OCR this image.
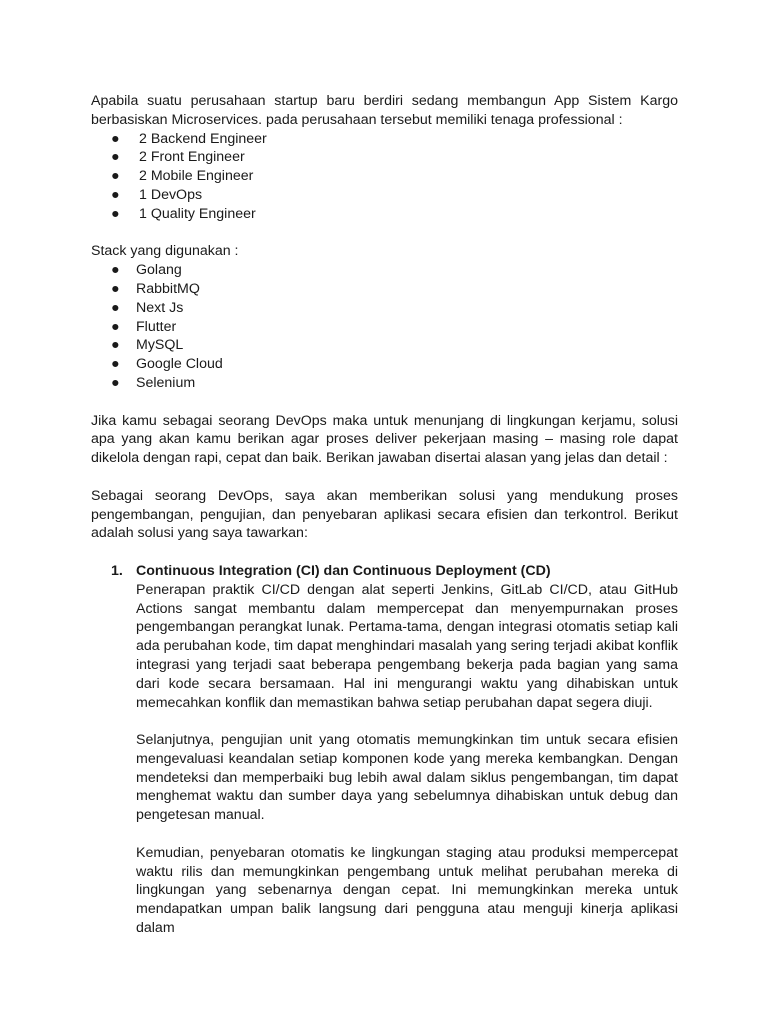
Apabila suatu perusahaan startup baru berdiri sedang membangun App Sistem Kargo berbasiskan Microservices. pada perusahaan tersebut memiliki tenaga professional :

● 2 Backend Engineer
● 2 Front Engineer
● 2 Mobile Engineer
● 1 DevOps
● 1 Quality Engineer

Stack yang digunakan :

● Golang
● RabbitMQ
● Next Js
● Flutter
● MySQL
● Google Cloud
● Selenium

Jika kamu sebagai seorang DevOps maka untuk menunjang di lingkungan kerjamu, solusi apa yang akan kamu berikan agar proses deliver pekerjaan masing – masing role dapat dikelola dengan rapi, cepat dan baik. Berikan jawaban disertai alasan yang jelas dan detail :

Sebagai seorang DevOps, saya akan memberikan solusi yang mendukung proses pengembangan, pengujian, dan penyebaran aplikasi secara efisien dan terkontrol. Berikut adalah solusi yang saya tawarkan:

1. Continuous Integration (CI) dan Continuous Deployment (CD)

Penerapan praktik CI/CD dengan alat seperti Jenkins, GitLab CI/CD, atau GitHub Actions sangat membantu dalam mempercepat dan menyempurnakan proses pengembangan perangkat lunak. Pertama-tama, dengan integrasi otomatis setiap kali ada perubahan kode, tim dapat menghindari masalah yang sering terjadi akibat konflik integrasi yang terjadi saat beberapa pengembang bekerja pada bagian yang sama dari kode secara bersamaan. Hal ini mengurangi waktu yang dihabiskan untuk memecahkan konflik dan memastikan bahwa setiap perubahan dapat segera diuji.

Selanjutnya, pengujian unit yang otomatis memungkinkan tim untuk secara efisien mengevaluasi keandalan setiap komponen kode yang mereka kembangkan. Dengan mendeteksi dan memperbaiki bug lebih awal dalam siklus pengembangan, tim dapat menghemat waktu dan sumber daya yang sebelumnya dihabiskan untuk debug dan pengetesan manual.

Kemudian, penyebaran otomatis ke lingkungan staging atau produksi mempercepat waktu rilis dan memungkinkan pengembang untuk melihat perubahan mereka di lingkungan yang sebenarnya dengan cepat. Ini memungkinkan mereka untuk mendapatkan umpan balik langsung dari pengguna atau menguji kinerja aplikasi dalam
